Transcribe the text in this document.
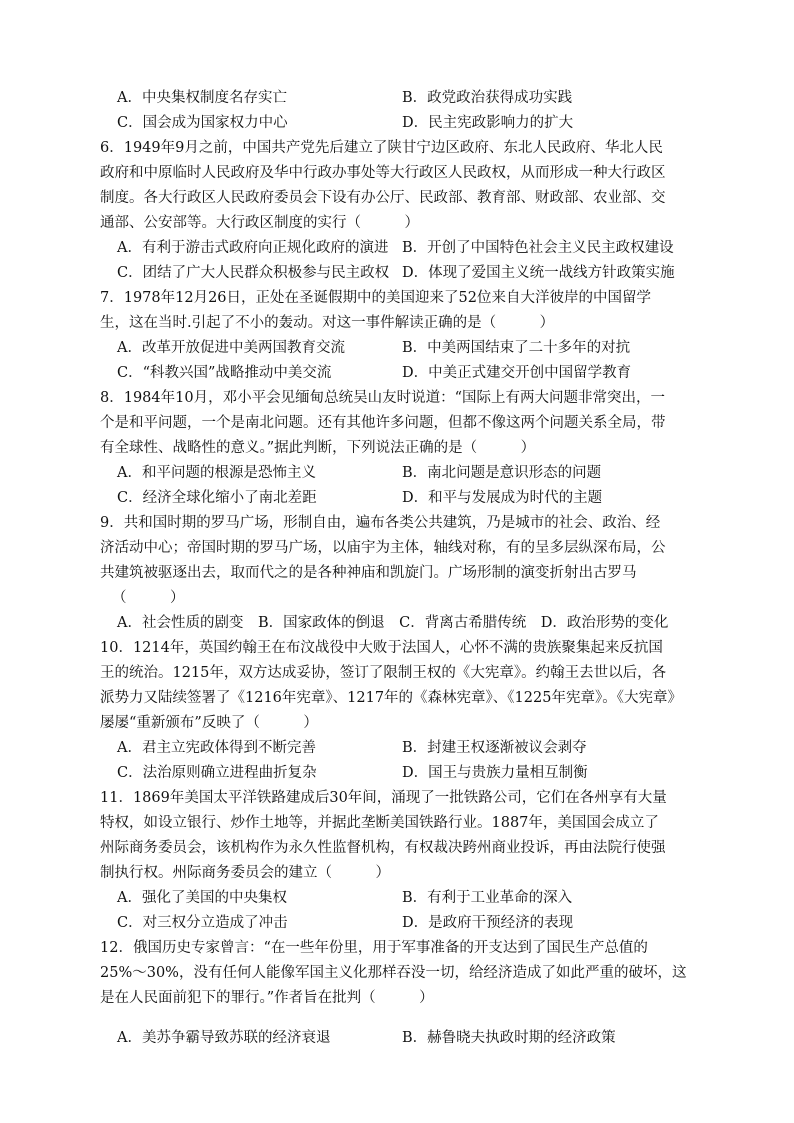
A．中央集权制度名存实亡	B．政党政治获得成功实践
C．国会成为国家权力中心	D．民主宪政影响力的扩大
6．1949年9月之前，中国共产党先后建立了陕甘宁边区政府、东北人民政府、华北人民
政府和中原临时人民政府及华中行政办事处等大行政区人民政权，从而形成一种大行政区
制度。各大行政区人民政府委员会下设有办公厅、民政部、教育部、财政部、农业部、交
通部、公安部等。大行政区制度的实行（　　　）
A．有利于游击式政府向正规化政府的演进 B．开创了中国特色社会主义民主政权建设
C．团结了广大人民群众积极参与民主政权 D．体现了爱国主义统一战线方针政策实施
7．1978年12月26日，正处在圣诞假期中的美国迎来了52位来自大洋彼岸的中国留学
生，这在当时.引起了不小的轰动。对这一事件解读正确的是（　　　）
A．改革开放促进中美两国教育交流	B．中美两国结束了二十多年的对抗
C．“科教兴国”战略推动中美交流	D．中美正式建交开创中国留学教育
8．1984年10月，邓小平会见缅甸总统吴山友时说道：“国际上有两大问题非常突出，一
个是和平问题，一个是南北问题。还有其他许多问题，但都不像这两个问题关系全局，带
有全球性、战略性的意义。”据此判断，下列说法正确的是（　　　）
A．和平问题的根源是恐怖主义	B．南北问题是意识形态的问题
C．经济全球化缩小了南北差距	D．和平与发展成为时代的主题
9．共和国时期的罗马广场，形制自由，遍布各类公共建筑，乃是城市的社会、政治、经
济活动中心；帝国时期的罗马广场，以庙宇为主体，轴线对称，有的呈多层纵深布局，公
共建筑被驱逐出去，取而代之的是各种神庙和凯旋门。广场形制的演变折射出古罗马
（　　　）
A．社会性质的剧变　B．国家政体的倒退　C．背离古希腊传统　D．政治形势的变化
10．1214年，英国约翰王在布汶战役中大败于法国人，心怀不满的贵族聚集起来反抗国
王的统治。1215年，双方达成妥协，签订了限制王权的《大宪章》。约翰王去世以后，各
派势力又陆续签署了《1216年宪章》、1217年的《森林宪章》、《1225年宪章》。《大宪章》
屡屡“重新颁布”反映了（　　　）
A．君主立宪政体得到不断完善	B．封建王权逐渐被议会剥夺
C．法治原则确立进程曲折复杂	D．国王与贵族力量相互制衡
11．1869年美国太平洋铁路建成后30年间，涌现了一批铁路公司，它们在各州享有大量
特权，如设立银行、炒作土地等，并据此垄断美国铁路行业。1887年，美国国会成立了
州际商务委员会，该机构作为永久性监督机构，有权裁决跨州商业投诉，再由法院行使强
制执行权。州际商务委员会的建立（　　　）
A．强化了美国的中央集权	B．有利于工业革命的深入
C．对三权分立造成了冲击	D．是政府干预经济的表现
12．俄国历史专家曾言：“在一些年份里，用于军事准备的开支达到了国民生产总值的
25%～30%，没有任何人能像军国主义化那样吞没一切，给经济造成了如此严重的破坏，这
是在人民面前犯下的罪行。”作者旨在批判（　　　）
A．美苏争霸导致苏联的经济衰退	B．赫鲁晓夫执政时期的经济政策
